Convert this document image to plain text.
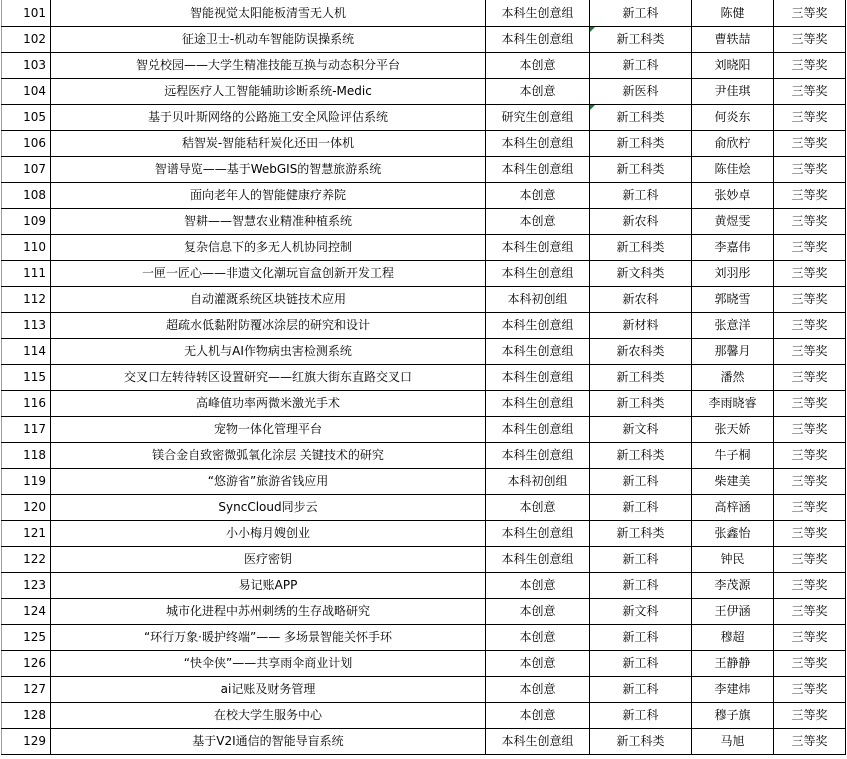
101	智能视觉太阳能板清雪无人机	本科生创意组	新工科	陈健	三等奖
102	征途卫士-机动车智能防误操系统	本科生创意组	新工科类	曹轶喆	三等奖
103	智兑校园——大学生精准技能互换与动态积分平台	本创意	新工科	刘晓阳	三等奖
104	远程医疗人工智能辅助诊断系统-Medic	本创意	新医科	尹佳琪	三等奖
105	基于贝叶斯网络的公路施工安全风险评估系统	研究生创意组	新工科类	何炎东	三等奖
106	秸智炭-智能秸秆炭化还田一体机	本科生创意组	新工科类	俞欣柠	三等奖
107	智谱导览——基于WebGIS的智慧旅游系统	本科生创意组	新工科类	陈佳烩	三等奖
108	面向老年人的智能健康疗养院	本创意	新工科	张妙卓	三等奖
109	智耕——智慧农业精准种植系统	本创意	新农科	黄煜雯	三等奖
110	复杂信息下的多无人机协同控制	本科生创意组	新工科类	李嘉伟	三等奖
111	一匣一匠心——非遗文化潮玩盲盒创新开发工程	本科生创意组	新文科类	刘羽彤	三等奖
112	自动灌溉系统区块链技术应用	本科初创组	新农科	郭晓雪	三等奖
113	超疏水低黏附防覆冰涂层的研究和设计	本科生创意组	新材料	张意洋	三等奖
114	无人机与AI作物病虫害检测系统	本科生创意组	新农科类	那馨月	三等奖
115	交叉口左转待转区设置研究——红旗大街东直路交叉口	本科生创意组	新工科类	潘然	三等奖
116	高峰值功率两微米激光手术	本科生创意组	新工科类	李雨晓睿	三等奖
117	宠物一体化管理平台	本科生创意组	新文科	张天娇	三等奖
118	镁合金自致密微弧氧化涂层 关键技术的研究	本科生创意组	新工科类	牛子桐	三等奖
119	“悠游省”旅游省钱应用	本科初创组	新工科	柴建美	三等奖
120	SyncCloud同步云	本创意	新工科	高梓涵	三等奖
121	小小梅月嫂创业	本科生创意组	新工科类	张鑫怡	三等奖
122	医疗密钥	本科生创意组	新工科	钟民	三等奖
123	易记账APP	本创意	新工科	李茂源	三等奖
124	城市化进程中苏州刺绣的生存战略研究	本创意	新文科	王伊涵	三等奖
125	“环行万象·暖护终端”—— 多场景智能关怀手环	本创意	新工科	穆超	三等奖
126	“快伞侠”——共享雨伞商业计划	本创意	新工科	王静静	三等奖
127	ai记账及财务管理	本创意	新工科	李建炜	三等奖
128	在校大学生服务中心	本创意	新工科	穆子旗	三等奖
129	基于V2I通信的智能导盲系统	本科生创意组	新工科类	马旭	三等奖
